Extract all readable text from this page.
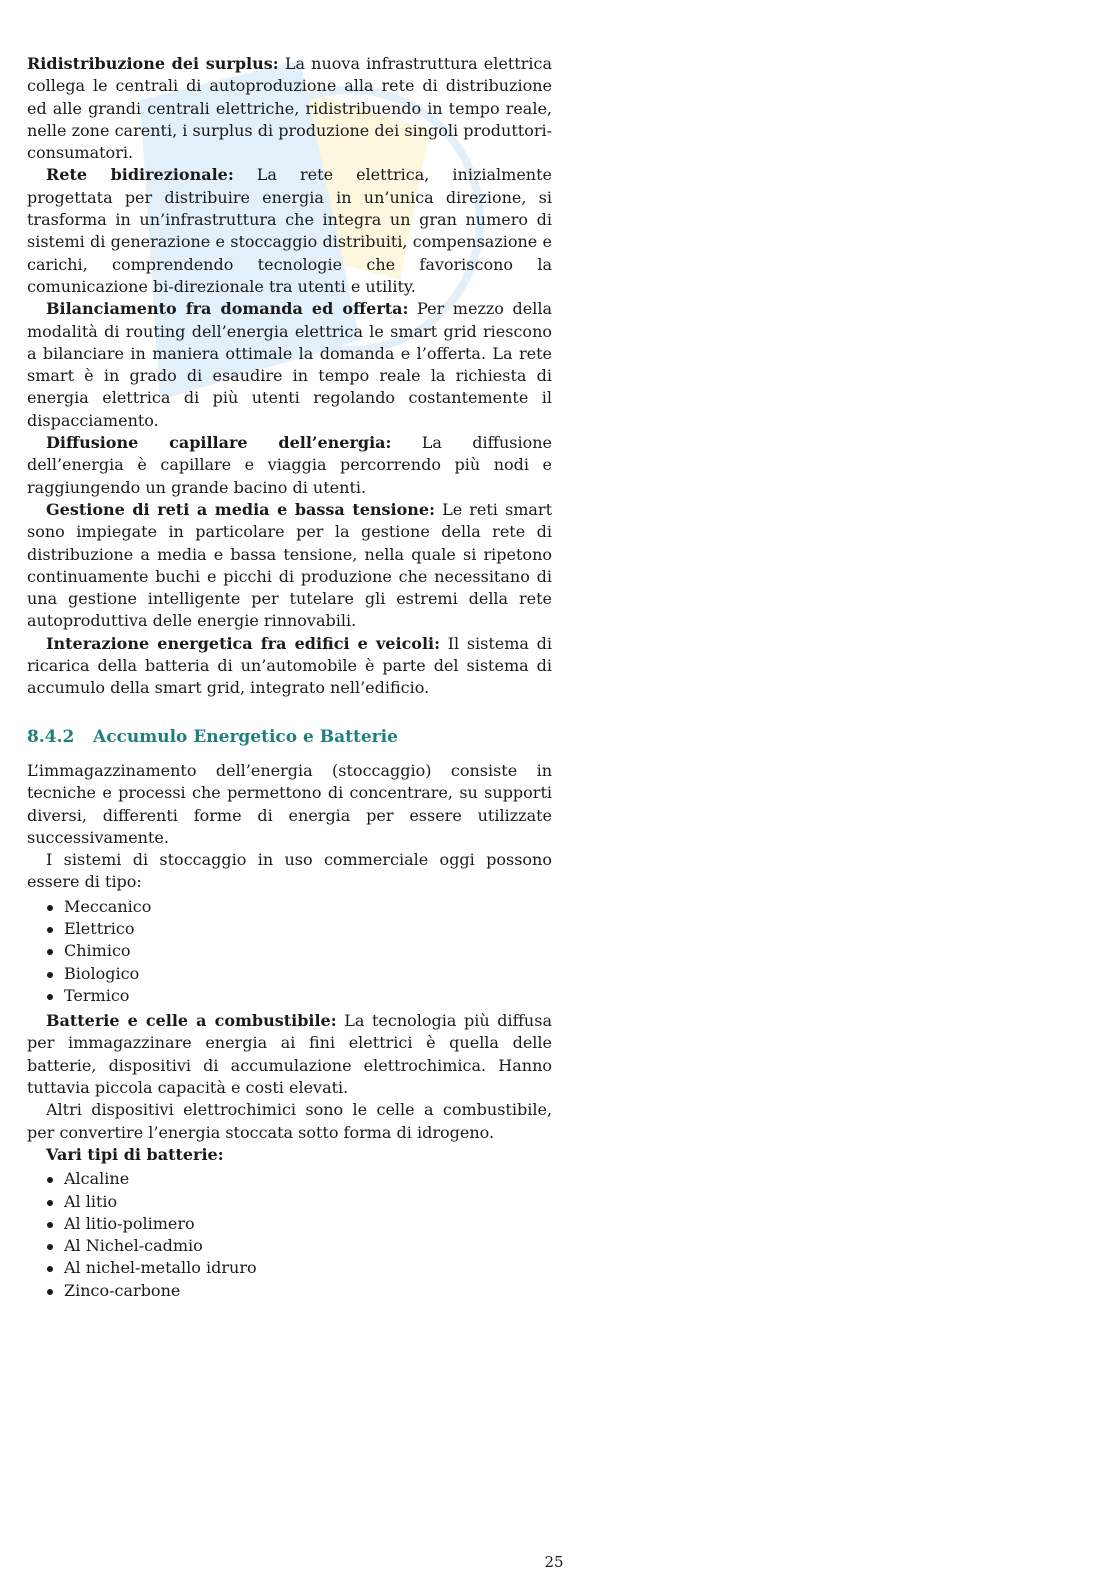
Ridistribuzione dei surplus: La nuova infrastruttura elettrica collega le centrali di autoproduzione alla rete di distribuzione ed alle grandi centrali elettriche, ridistribuendo in tempo reale, nelle zone carenti, i surplus di produzione dei singoli produttori-consumatori.

Rete bidirezionale: La rete elettrica, inizialmente progettata per distribuire energia in un’unica direzione, si trasforma in un’infrastruttura che integra un gran numero di sistemi di generazione e stoccaggio distribuiti, compensazione e carichi, comprendendo tecnologie che favoriscono la comunicazione bi-direzionale tra utenti e utility.

Bilanciamento fra domanda ed offerta: Per mezzo della modalità di routing dell’energia elettrica le smart grid riescono a bilanciare in maniera ottimale la domanda e l’offerta. La rete smart è in grado di esaudire in tempo reale la richiesta di energia elettrica di più utenti regolando costantemente il dispacciamento.

Diffusione capillare dell’energia: La diffusione dell’energia è capillare e viaggia percorrendo più nodi e raggiungendo un grande bacino di utenti.

Gestione di reti a media e bassa tensione: Le reti smart sono impiegate in particolare per la gestione della rete di distribuzione a media e bassa tensione, nella quale si ripetono continuamente buchi e picchi di produzione che necessitano di una gestione intelligente per tutelare gli estremi della rete autoproduttiva delle energie rinnovabili.

Interazione energetica fra edifici e veicoli: Il sistema di ricarica della batteria di un’automobile è parte del sistema di accumulo della smart grid, integrato nell’edificio.

8.4.2 Accumulo Energetico e Batterie

L’immagazzinamento dell’energia (stoccaggio) consiste in tecniche e processi che permettono di concentrare, su supporti diversi, differenti forme di energia per essere utilizzate successivamente.

I sistemi di stoccaggio in uso commerciale oggi possono essere di tipo:

Meccanico
Elettrico
Chimico
Biologico
Termico

Batterie e celle a combustibile: La tecnologia più diffusa per immagazzinare energia ai fini elettrici è quella delle batterie, dispositivi di accumulazione elettrochimica. Hanno tuttavia piccola capacità e costi elevati.

Altri dispositivi elettrochimici sono le celle a combustibile, per convertire l’energia stoccata sotto forma di idrogeno.

Vari tipi di batterie:

Alcaline
Al litio
Al litio-polimero
Al Nichel-cadmio
Al nichel-metallo idruro
Zinco-carbone
25
